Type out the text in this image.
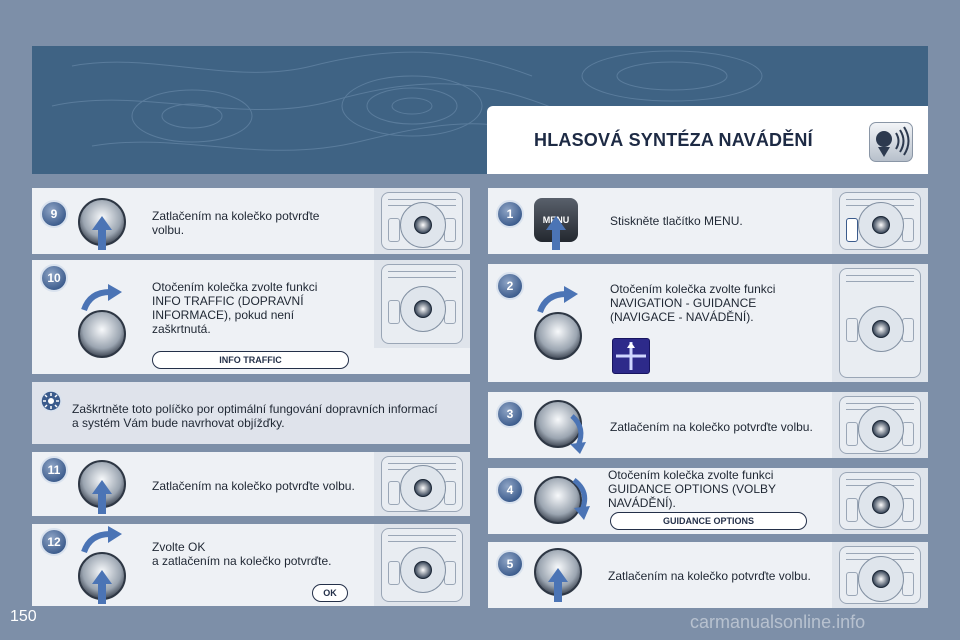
HLASOVÁ SYNTÉZA NAVÁDĚNÍ
9	Zatlačením na kolečko potvrďte
volbu.
10
Otočením kolečka zvolte funkci
INFO TRAFFIC (DOPRAVNÍ
INFORMACE), pokud není
zaškrtnutá.
INFO TRAFFIC
Zaškrtněte toto políčko por optimální fungování dopravních informací
a systém Vám bude navrhovat objížďky.
11
Zatlačením na kolečko potvrďte volbu.
12	Zvolte OK
a zatlačením na kolečko potvrďte.
OK
1	MENU	Stiskněte tlačítko MENU.
2	Otočením kolečka zvolte funkci
NAVIGATION - GUIDANCE
(NAVIGACE - NAVÁDĚNÍ).
3
Zatlačením na kolečko potvrďte volbu.
4
Otočením kolečka zvolte funkci
GUIDANCE OPTIONS (VOLBY
NAVÁDĚNÍ).
GUIDANCE OPTIONS
5
Zatlačením na kolečko potvrďte volbu.
150	carmanualsonline.info
